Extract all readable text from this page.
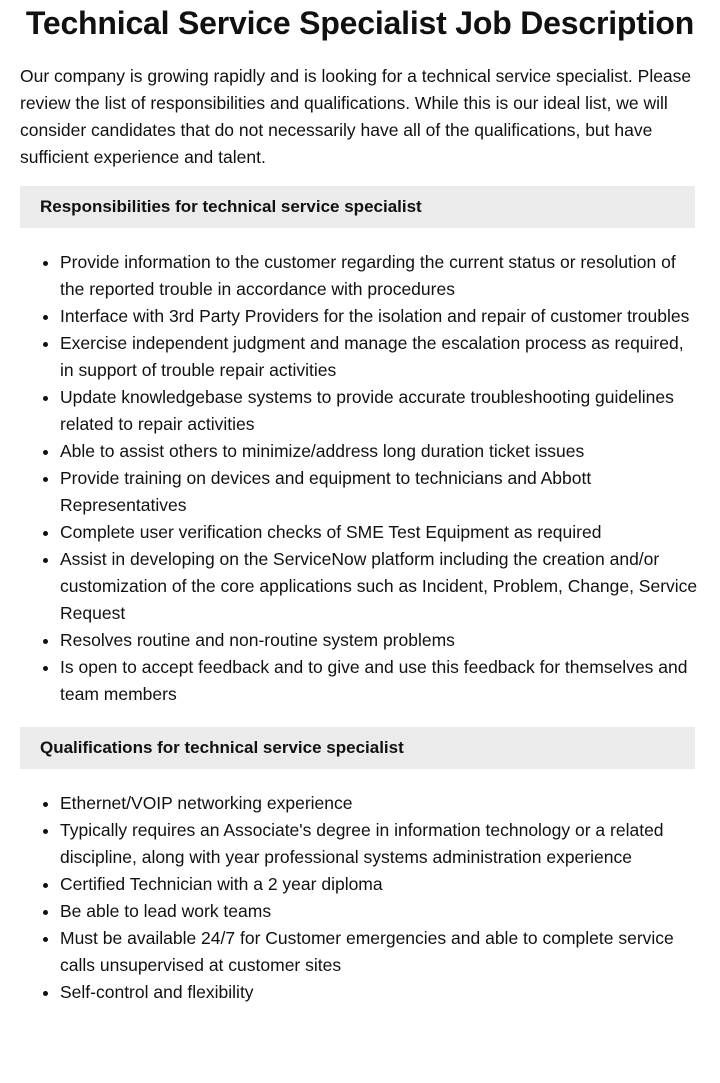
Technical Service Specialist Job Description

Our company is growing rapidly and is looking for a technical service specialist. Please review the list of responsibilities and qualifications. While this is our ideal list, we will consider candidates that do not necessarily have all of the qualifications, but have sufficient experience and talent.

Responsibilities for technical service specialist
• Provide information to the customer regarding the current status or resolution of the reported trouble in accordance with procedures
• Interface with 3rd Party Providers for the isolation and repair of customer troubles
• Exercise independent judgment and manage the escalation process as required, in support of trouble repair activities
• Update knowledgebase systems to provide accurate troubleshooting guidelines related to repair activities
• Able to assist others to minimize/address long duration ticket issues
• Provide training on devices and equipment to technicians and Abbott Representatives
• Complete user verification checks of SME Test Equipment as required
• Assist in developing on the ServiceNow platform including the creation and/or customization of the core applications such as Incident, Problem, Change, Service Request
• Resolves routine and non-routine system problems
• Is open to accept feedback and to give and use this feedback for themselves and team members
Qualifications for technical service specialist
• Ethernet/VOIP networking experience
• Typically requires an Associate's degree in information technology or a related discipline, along with year professional systems administration experience
• Certified Technician with a 2 year diploma
• Be able to lead work teams
• Must be available 24/7 for Customer emergencies and able to complete service calls unsupervised at customer sites
• Self-control and flexibility
